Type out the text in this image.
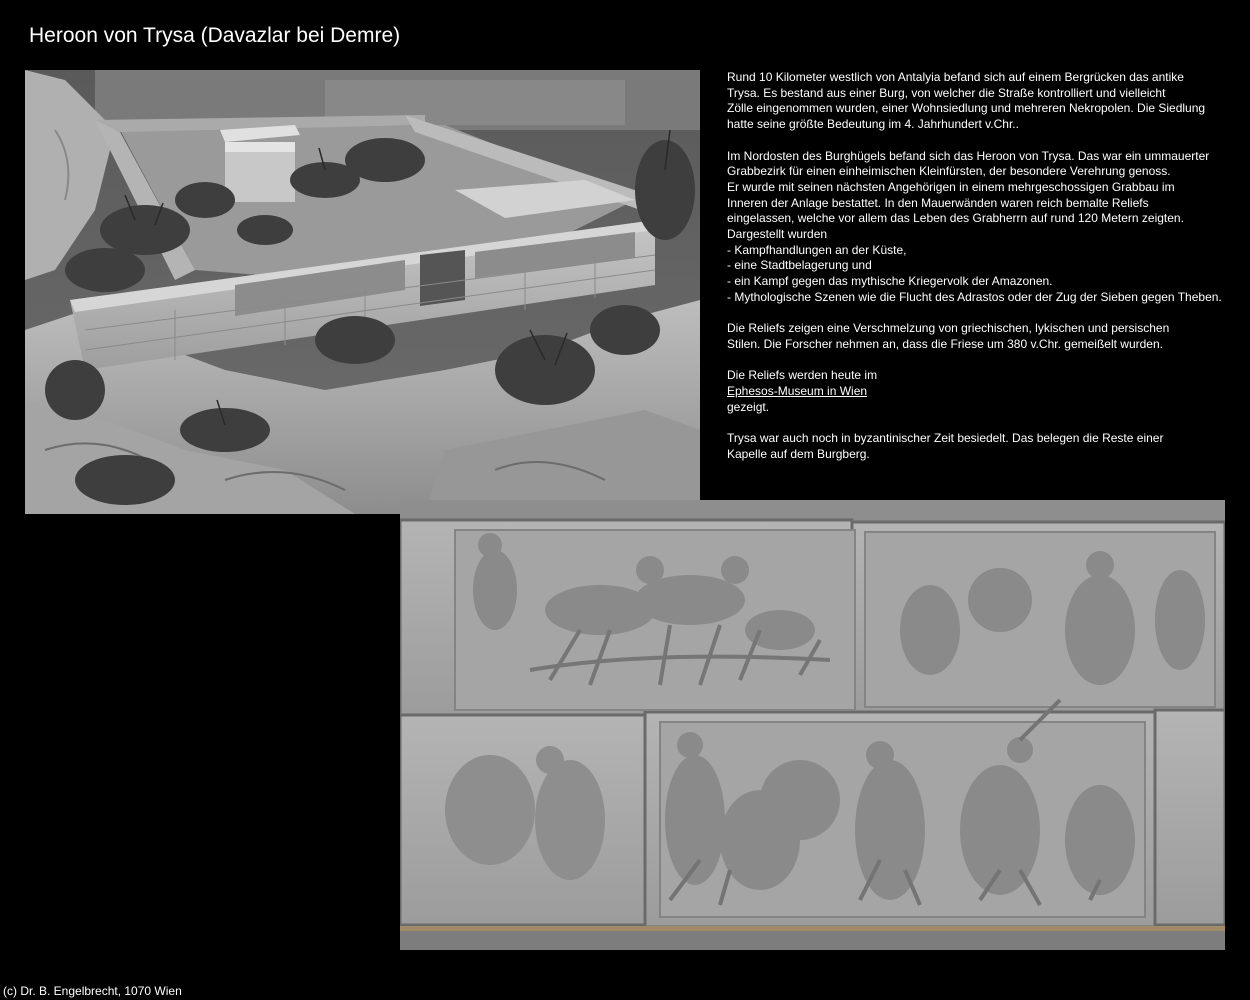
Heroon von Trysa (Davazlar bei Demre)

Rund 10 Kilometer westlich von Antalyia befand sich auf einem Bergrücken das antike
Trysa. Es bestand aus einer Burg, von welcher die Straße kontrolliert und vielleicht
Zölle eingenommen wurden, einer Wohnsiedlung und mehreren Nekropolen. Die Siedlung
hatte seine größte Bedeutung im 4. Jahrhundert v.Chr..

Im Nordosten des Burghügels befand sich das Heroon von Trysa. Das war ein ummauerter
Grabbezirk für einen einheimischen Kleinfürsten, der besondere Verehrung genoss.
Er wurde mit seinen nächsten Angehörigen in einem mehrgeschossigen Grabbau im
Inneren der Anlage bestattet. In den Mauerwänden waren reich bemalte Reliefs
eingelassen, welche vor allem das Leben des Grabherrn auf rund 120 Metern zeigten.
Dargestellt wurden
- Kampfhandlungen an der Küste,
- eine Stadtbelagerung und
- ein Kampf gegen das mythische Kriegervolk der Amazonen.
- Mythologische Szenen wie die Flucht des Adrastos oder der Zug der Sieben gegen Theben.

Die Reliefs zeigen eine Verschmelzung von griechischen, lykischen und persischen
Stilen. Die Forscher nehmen an, dass die Friese um 380 v.Chr. gemeißelt wurden.

Die Reliefs werden heute im
Ephesos-Museum in Wien
gezeigt.

Trysa war auch noch in byzantinischer Zeit besiedelt. Das belegen die Reste einer
Kapelle auf dem Burgberg.

(c) Dr. B. Engelbrecht, 1070 Wien
